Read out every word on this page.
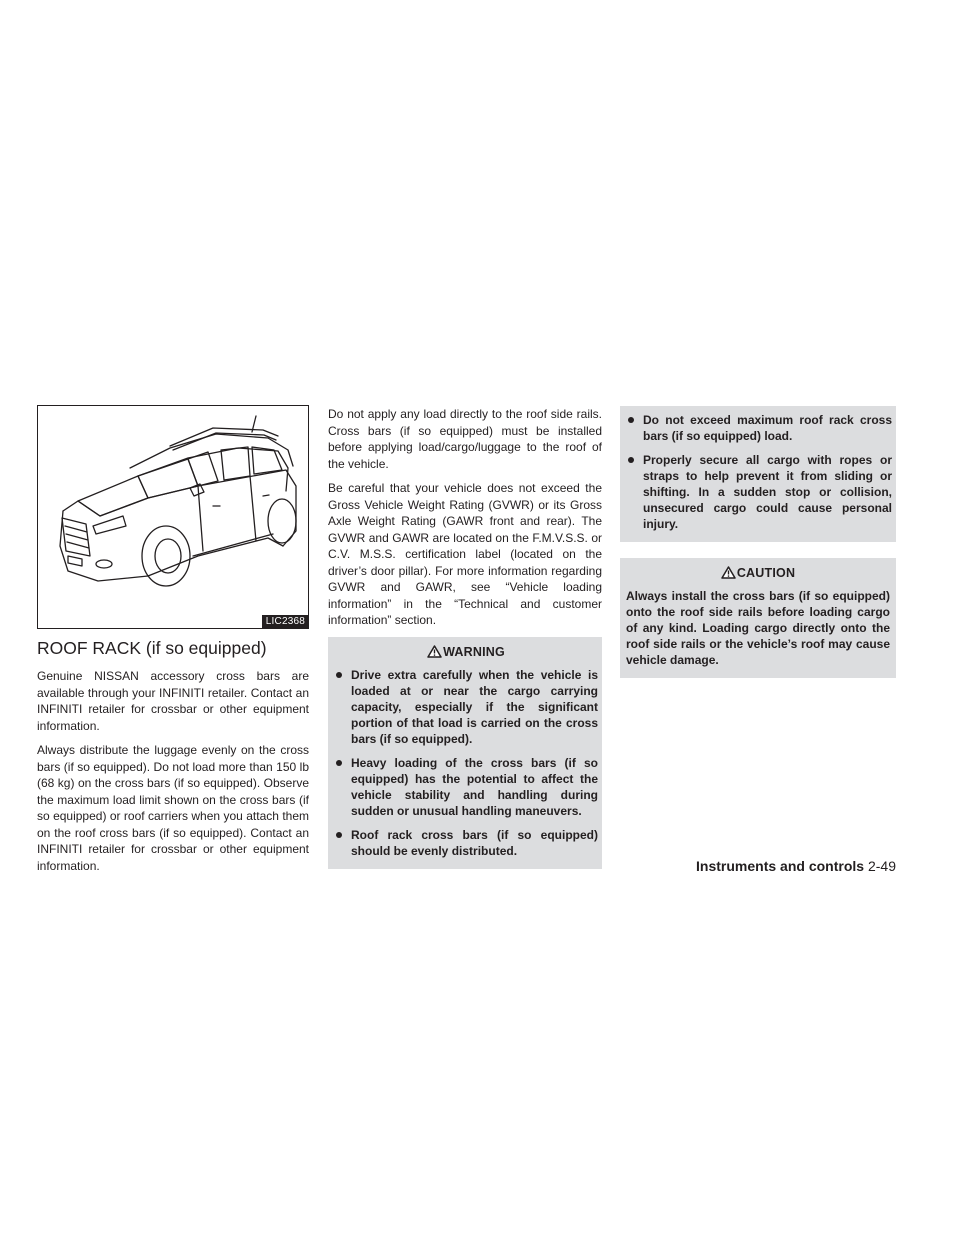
LIC2368
ROOF RACK (if so equipped)

Genuine NISSAN accessory cross bars are available through your INFINITI retailer. Contact an INFINITI retailer for crossbar or other equipment information.

Always distribute the luggage evenly on the cross bars (if so equipped). Do not load more than 150 lb (68 kg) on the cross bars (if so equipped). Observe the maximum load limit shown on the cross bars (if so equipped) or roof carriers when you attach them on the roof cross bars (if so equipped). Contact an INFINITI retailer for crossbar or other equipment information.

Do not apply any load directly to the roof side rails. Cross bars (if so equipped) must be installed before applying load/cargo/luggage to the roof of the vehicle.

Be careful that your vehicle does not exceed the Gross Vehicle Weight Rating (GVWR) or its Gross Axle Weight Rating (GAWR front and rear). The GVWR and GAWR are located on the F.M.V.S.S. or C.V. M.S.S. certification label (located on the driver’s door pillar). For more information regarding GVWR and GAWR, see “Vehicle loading information” in the “Technical and customer information” section.

WARNING
Drive extra carefully when the vehicle is loaded at or near the cargo carrying capacity, especially if the significant portion of that load is carried on the cross bars (if so equipped).
Heavy loading of the cross bars (if so equipped) has the potential to affect the vehicle stability and handling during sudden or unusual handling maneuvers.
Roof rack cross bars (if so equipped) should be evenly distributed.
Do not exceed maximum roof rack cross bars (if so equipped) load.
Properly secure all cargo with ropes or straps to help prevent it from sliding or shifting. In a sudden stop or collision, unsecured cargo could cause personal injury.
CAUTION

Always install the cross bars (if so equipped) onto the roof side rails before loading cargo of any kind. Loading cargo directly onto the roof side rails or the vehicle’s roof may cause vehicle damage.

Instruments and controls 2-49
